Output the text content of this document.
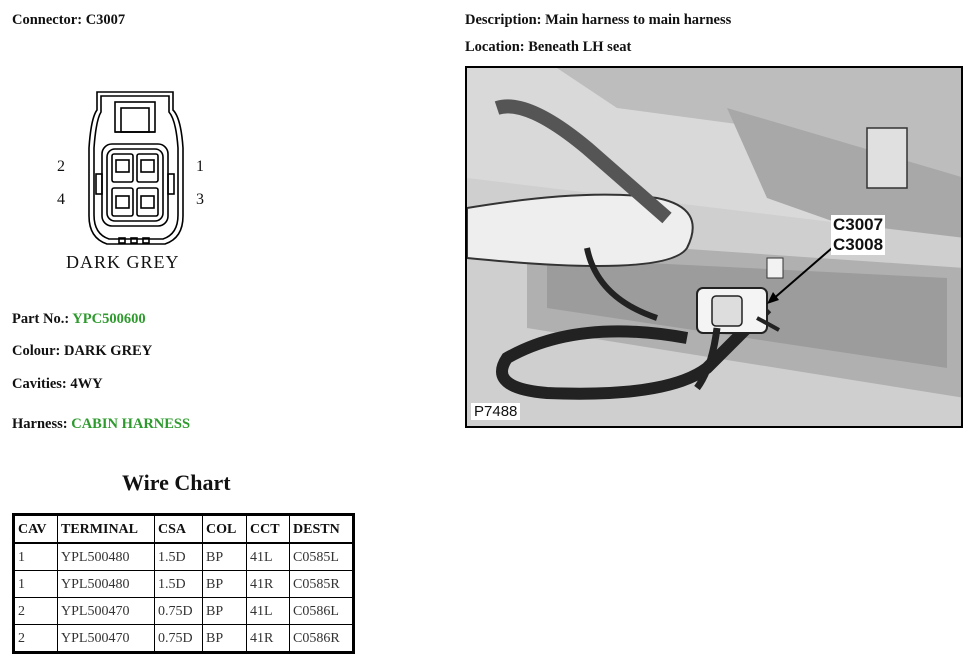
Connector: C3007	Description: Main harness to main harness
Location: Beneath LH seat
2	1
4	3
DARK GREY
Part No.: YPC500600
Colour: DARK GREY
Cavities: 4WY
Harness: CABIN HARNESS
C3007
C3008
P7488
Wire Chart
CAV	TERMINAL	CSA	COL	CCT	DESTN
1	YPL500480	1.5D	BP	41L	C0585L
1	YPL500480	1.5D	BP	41R	C0585R
2	YPL500470	0.75D	BP	41L	C0586L
2	YPL500470	0.75D	BP	41R	C0586R
